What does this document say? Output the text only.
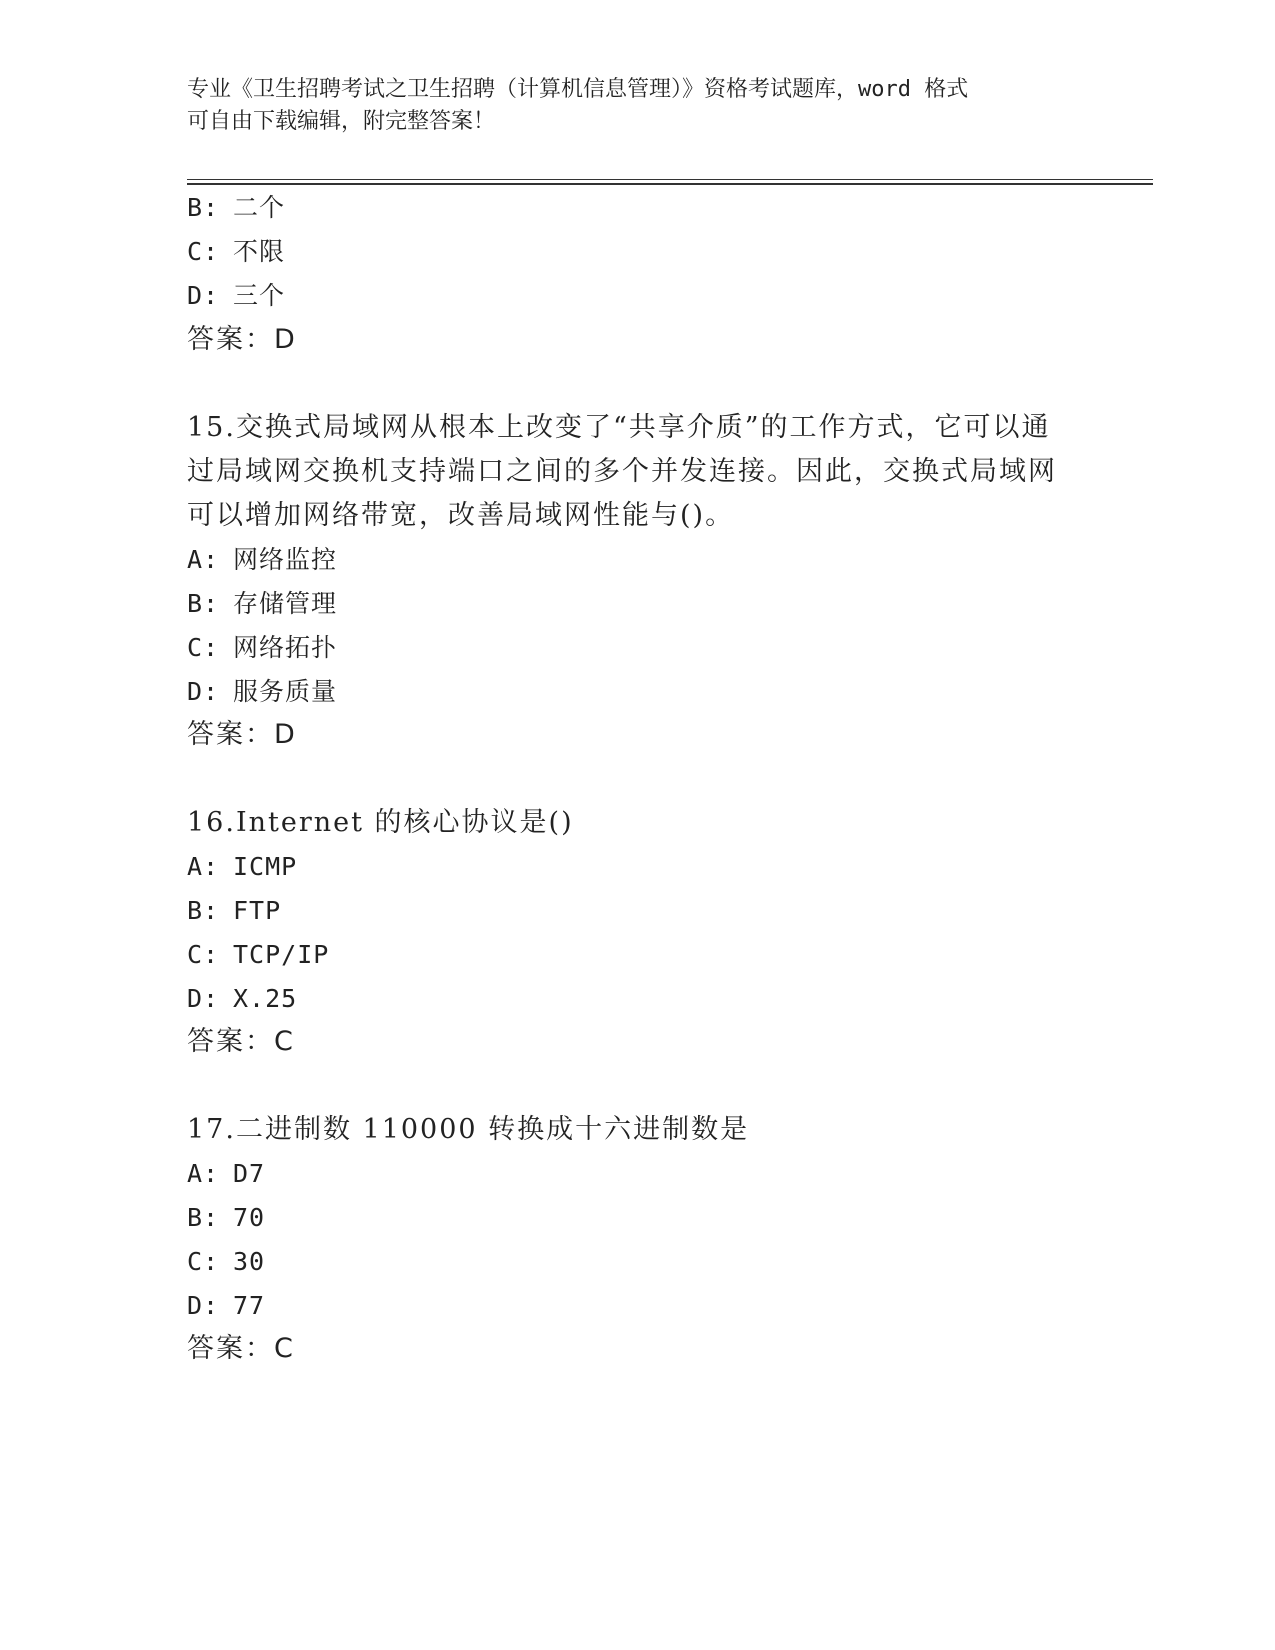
专业《卫生招聘考试之卫生招聘（计算机信息管理）》资格考试题库，word 格式
可自由下载编辑，附完整答案！
B: 二个
C: 不限
D: 三个
答案：D
15.交换式局域网从根本上改变了“共享介质”的工作方式，它可以通
过局域网交换机支持端口之间的多个并发连接。因此，交换式局域网
可以增加网络带宽，改善局域网性能与()。
A: 网络监控
B: 存储管理
C: 网络拓扑
D: 服务质量
答案：D
16.Internet 的核心协议是()
A: ICMP
B: FTP
C: TCP/IP
D: X.25
答案：C
17.二进制数 110000 转换成十六进制数是
A: D7
B: 70
C: 30
D: 77
答案：C
